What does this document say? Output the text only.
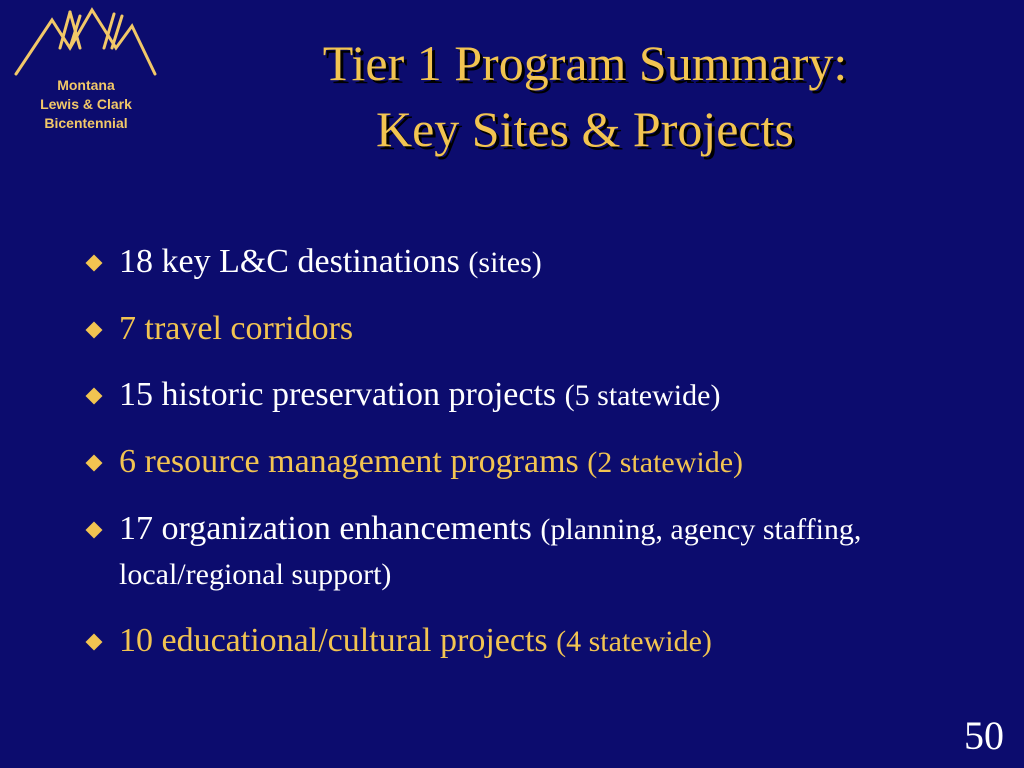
Montana
Lewis & Clark
Bicentennial
Tier 1 Program Summary:
Key Sites & Projects
18 key L&C destinations (sites)
7 travel corridors
15 historic preservation projects (5 statewide)
6 resource management programs (2 statewide)
17 organization enhancements (planning, agency staffing, local/regional support)
10 educational/cultural projects (4 statewide)
50
